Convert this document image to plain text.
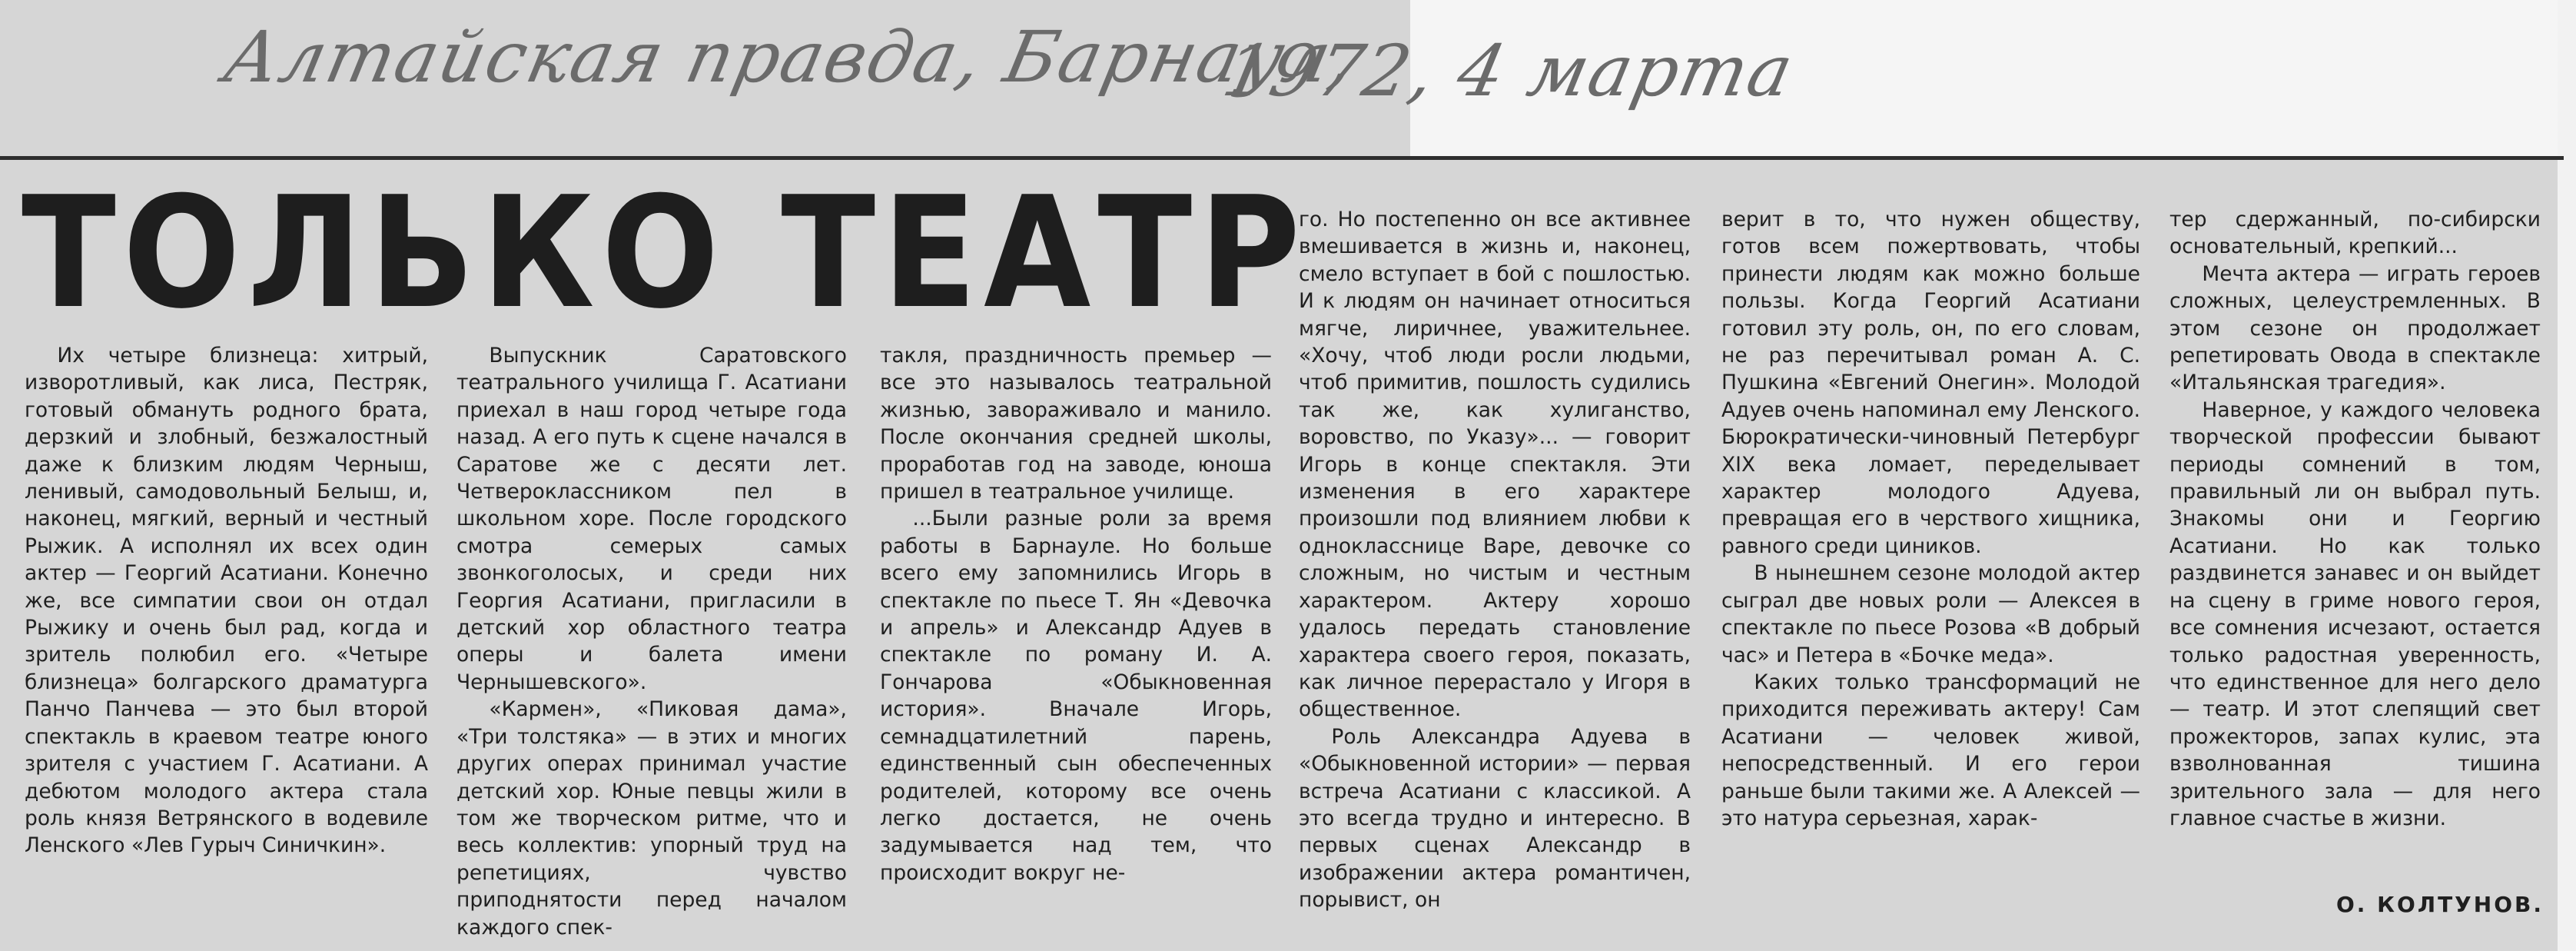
Алтайская правда, Барнаул,
1972, 4 марта
ТОЛЬКО ТЕАТР

Их четыре близнеца: хитрый, изворотливый, как лиса, Пестряк, готовый обмануть родного брата, дерзкий и злобный, безжалостный даже к близким людям Черныш, ленивый, самодовольный Белыш, и, наконец, мягкий, верный и честный Рыжик. А исполнял их всех один актер — Георгий Асатиани. Конечно же, все симпатии свои он отдал Рыжику и очень был рад, когда и зритель полюбил его. «Четыре близнеца» болгарского драматурга Панчо Панчева — это был второй спектакль в краевом театре юного зрителя с участием Г. Асатиани. А дебютом молодого актера стала роль князя Ветрянского в водевиле Ленского «Лев Гурыч Синичкин».

Выпускник Саратовского театрального училища Г. Асатиани приехал в наш город четыре года назад. А его путь к сцене начался в Саратове же с десяти лет. Четвероклассником пел в школьном хоре. После городского смотра семерых самых звонкоголосых, и среди них Георгия Асатиани, пригласили в детский хор областного театра оперы и балета имени Чернышевского».

«Кармен», «Пиковая дама», «Три толстяка» — в этих и многих других операх принимал участие детский хор. Юные певцы жили в том же творческом ритме, что и весь коллектив: упорный труд на репетициях, чувство приподнятости перед началом каждого спек-

такля, праздничность премьер — все это называлось театральной жизнью, завораживало и манило. После окончания средней школы, проработав год на заводе, юноша пришел в театральное училище.

...Были разные роли за время работы в Барнауле. Но больше всего ему запомнились Игорь в спектакле по пьесе Т. Ян «Девочка и апрель» и Александр Адуев в спектакле по роману И. А. Гончарова «Обыкновенная история». Вначале Игорь, семнадцатилетний парень, единственный сын обеспеченных родителей, которому все очень легко достается, не очень задумывается над тем, что происходит вокруг не-

го. Но постепенно он все активнее вмешивается в жизнь и, наконец, смело вступает в бой с пошлостью. И к людям он начинает относиться мягче, лиричнее, уважительнее. «Хочу, чтоб люди росли людьми, чтоб примитив, пошлость судились так же, как хулиганство, воровство, по Указу»... — говорит Игорь в конце спектакля. Эти изменения в его характере произошли под влиянием любви к однокласснице Варе, девочке со сложным, но чистым и честным характером. Актеру хорошо удалось передать становление характера своего героя, показать, как личное перерастало у Игоря в общественное.

Роль Александра Адуева в «Обыкновенной истории» — первая встреча Асатиани с классикой. А это всегда трудно и интересно. В первых сценах Александр в изображении актера романтичен, порывист, он

верит в то, что нужен обществу, готов всем пожертвовать, чтобы принести людям как можно больше пользы. Когда Георгий Асатиани готовил эту роль, он, по его словам, не раз перечитывал роман А. С. Пушкина «Евгений Онегин». Молодой Адуев очень напоминал ему Ленского. Бюрократически-чиновный Петербург XIX века ломает, переделывает характер молодого Адуева, превращая его в черствого хищника, равного среди циников.

В нынешнем сезоне молодой актер сыграл две новых роли — Алексея в спектакле по пьесе Розова «В добрый час» и Петера в «Бочке меда».

Каких только трансформаций не приходится переживать актеру! Сам Асатиани — человек живой, непосредственный. И его герои раньше были такими же. А Алексей — это натура серьезная, харак-

тер сдержанный, по-сибирски основательный, крепкий...

Мечта актера — играть героев сложных, целеустремленных. В этом сезоне он продолжает репетировать Овода в спектакле «Итальянская трагедия».

Наверное, у каждого человека творческой профессии бывают периоды сомнений в том, правильный ли он выбрал путь. Знакомы они и Георгию Асатиани. Но как только раздвинется занавес и он выйдет на сцену в гриме нового героя, все сомнения исчезают, остается только радостная уверенность, что единственное для него дело — театр. И этот слепящий свет прожекторов, запах кулис, эта взволнованная тишина зрительного зала — для него главное счастье в жизни.

О. КОЛТУНОВ.
